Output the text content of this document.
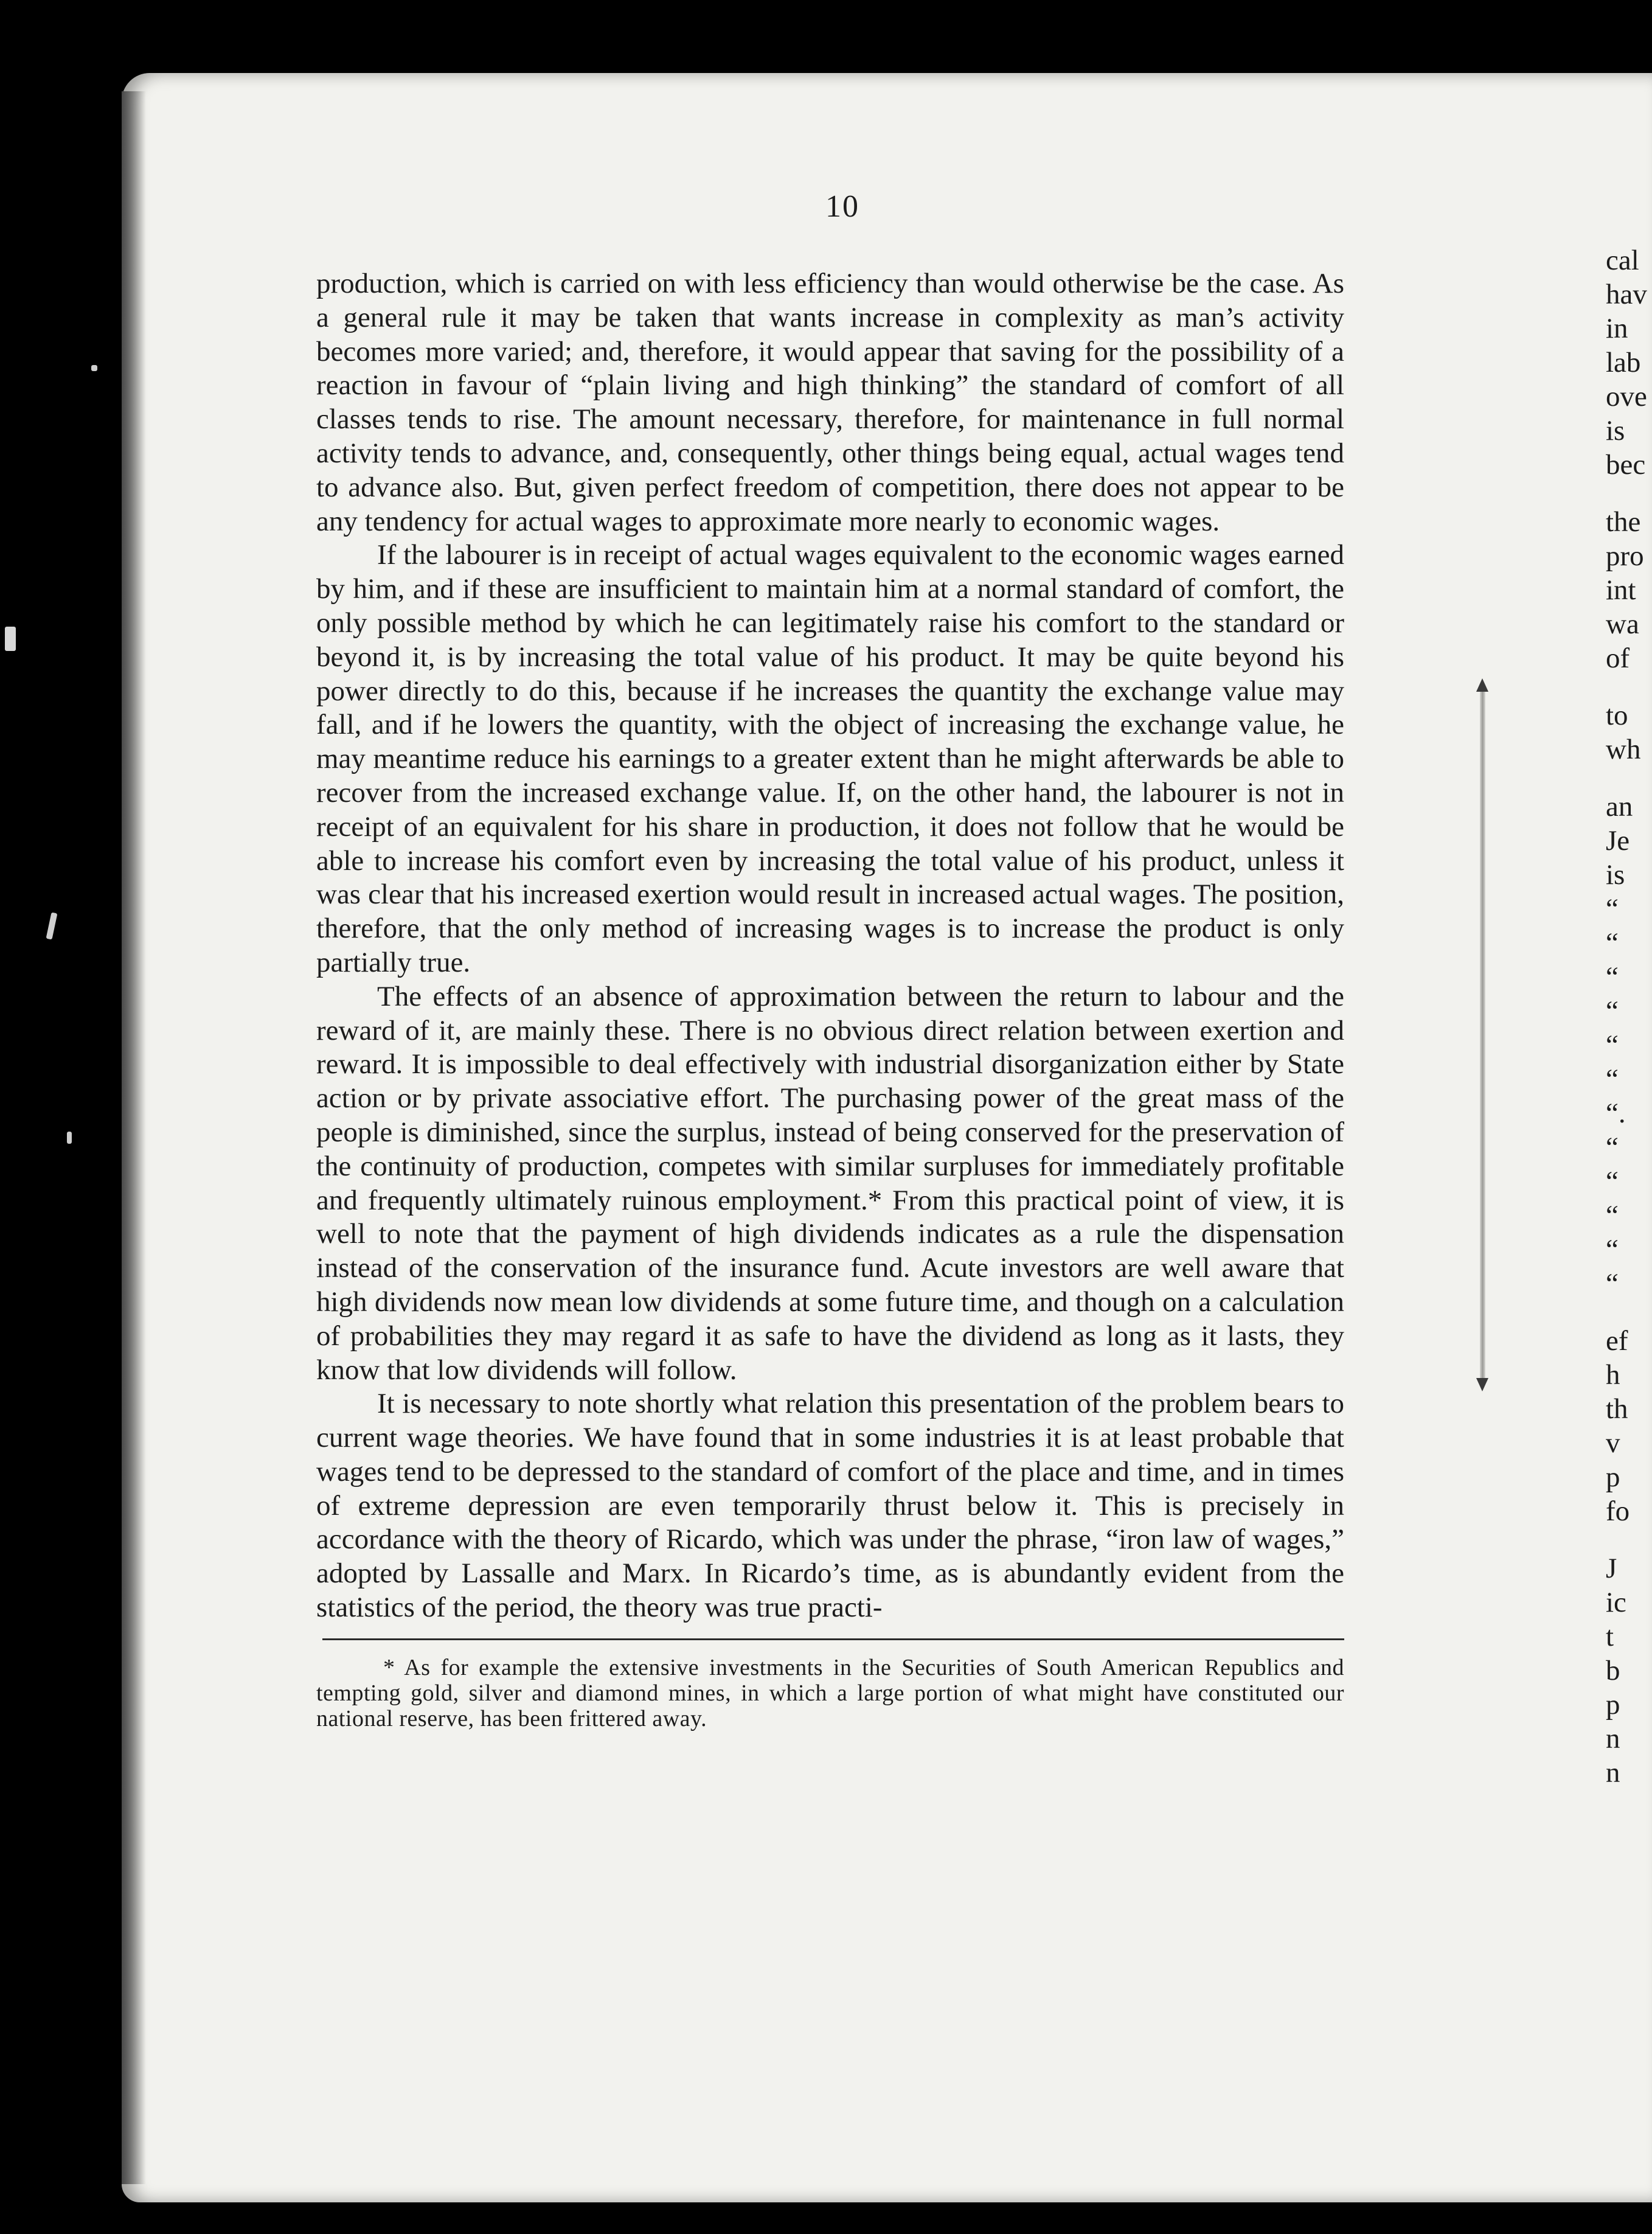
10

production, which is carried on with less efficiency than would otherwise be the case. As a general rule it may be taken that wants increase in complexity as man’s activity becomes more varied; and, therefore, it would appear that saving for the possibility of a reaction in favour of “plain living and high thinking” the standard of comfort of all classes tends to rise. The amount necessary, therefore, for maintenance in full normal activity tends to advance, and, consequently, other things being equal, actual wages tend to advance also. But, given perfect freedom of competition, there does not appear to be any tendency for actual wages to approximate more nearly to economic wages.

If the labourer is in receipt of actual wages equivalent to the economic wages earned by him, and if these are insufficient to maintain him at a normal standard of comfort, the only possible method by which he can legitimately raise his comfort to the standard or beyond it, is by increasing the total value of his product. It may be quite beyond his power directly to do this, because if he increases the quantity the exchange value may fall, and if he lowers the quantity, with the object of increasing the exchange value, he may meantime reduce his earnings to a greater extent than he might afterwards be able to recover from the increased exchange value. If, on the other hand, the labourer is not in receipt of an equivalent for his share in production, it does not follow that he would be able to increase his comfort even by increasing the total value of his product, unless it was clear that his increased exertion would result in increased actual wages. The position, therefore, that the only method of increasing wages is to increase the product is only partially true.

The effects of an absence of approximation between the return to labour and the reward of it, are mainly these. There is no obvious direct relation between exertion and reward. It is impossible to deal effectively with industrial disorganization either by State action or by private associative effort. The purchasing power of the great mass of the people is diminished, since the surplus, instead of being conserved for the preservation of the continuity of production, competes with similar surpluses for immediately profitable and frequently ultimately ruinous employment.* From this practical point of view, it is well to note that the payment of high dividends indicates as a rule the dispensation instead of the conservation of the insurance fund. Acute investors are well aware that high dividends now mean low dividends at some future time, and though on a calculation of probabilities they may regard it as safe to have the dividend as long as it lasts, they know that low dividends will follow.

It is necessary to note shortly what relation this presentation of the problem bears to current wage theories. We have found that in some industries it is at least probable that wages tend to be depressed to the standard of comfort of the place and time, and in times of extreme depression are even temporarily thrust below it. This is precisely in accordance with the theory of Ricardo, which was under the phrase, “iron law of wages,” adopted by Lassalle and Marx. In Ricardo’s time, as is abundantly evident from the statistics of the period, the theory was true practi-

* As for example the extensive investments in the Securities of South American Republics and tempting gold, silver and diamond mines, in which a large portion of what might have constituted our national reserve, has been frittered away.

cal
hav
in
lab
ove
is
bec
the
pro
int
wa
of
to
wh
an
Je
is
“
“
“
“
“
“
“.
“
“
“
“
“
ef
h
th
v
p
fo
J
ic
t
b
p
n
n
